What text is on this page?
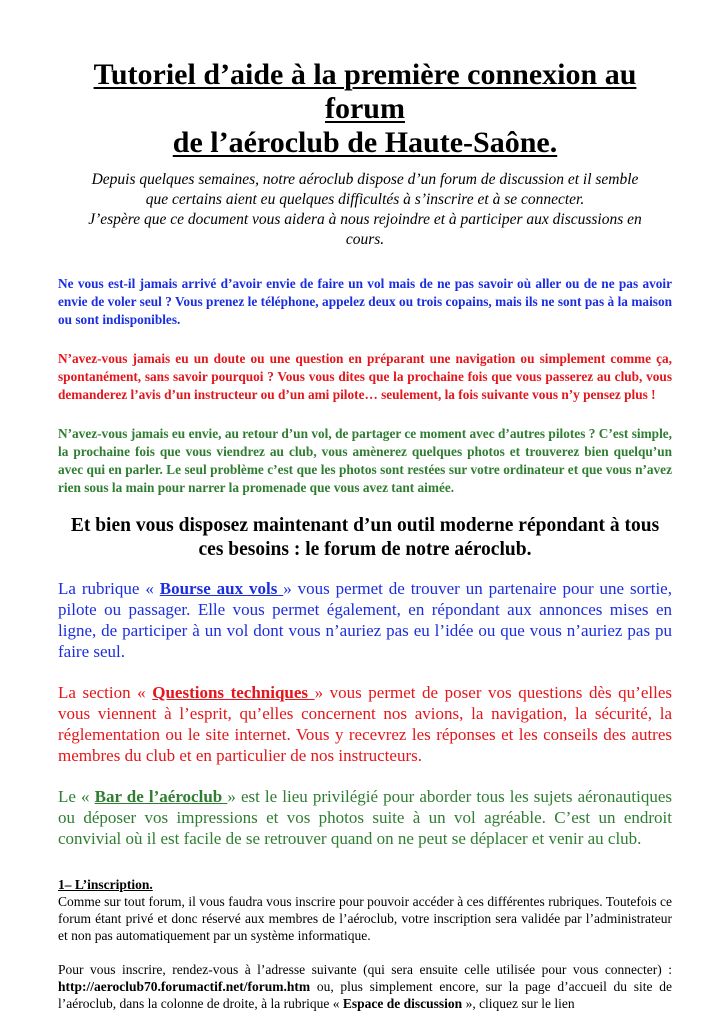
Tutoriel d’aide à la première connexion au forum
de l’aéroclub de Haute-Saône.

Depuis quelques semaines, notre aéroclub dispose d’un forum de discussion et il semble

que certains aient eu quelques difficultés à s’inscrire et à se connecter.

J’espère que ce document vous aidera à nous rejoindre et à participer aux discussions en

cours.

Ne vous est-il jamais arrivé d’avoir envie de faire un vol mais de ne pas savoir où aller ou de ne pas avoir envie de voler seul ? Vous prenez le téléphone, appelez deux ou trois copains, mais ils ne sont pas à la maison ou sont indisponibles.

N’avez-vous jamais eu un doute ou une question en préparant une navigation ou simplement comme ça, spontanément, sans savoir pourquoi ? Vous vous dites que la prochaine fois que vous passerez au club, vous demanderez l’avis d’un instructeur ou d’un ami pilote… seulement, la fois suivante vous n’y pensez plus !

N’avez-vous jamais eu envie, au retour d’un vol, de partager ce moment avec d’autres pilotes ? C’est simple, la prochaine fois que vous viendrez au club, vous amènerez quelques photos et trouverez bien quelqu’un avec qui en parler. Le seul problème c’est que les photos sont restées sur votre ordinateur et que vous n’avez rien sous la main pour narrer la promenade que vous avez tant aimée.

Et bien vous disposez maintenant d’un outil moderne répondant à tous
ces besoins : le forum de notre aéroclub.

La rubrique « Bourse aux vols » vous permet de trouver un partenaire pour une sortie, pilote ou passager. Elle vous permet également, en répondant aux annonces mises en ligne, de participer à un vol dont vous n’auriez pas eu l’idée ou que vous n’auriez pas pu faire seul.

La section « Questions techniques » vous permet de poser vos questions dès qu’elles vous viennent à l’esprit, qu’elles concernent nos avions, la navigation, la sécurité, la réglementation ou le site internet. Vous y recevrez les réponses et les conseils des autres membres du club et en particulier de nos instructeurs.

Le « Bar de l’aéroclub » est le lieu privilégié pour aborder tous les sujets aéronautiques ou déposer vos impressions et vos photos suite à un vol agréable. C’est un endroit convivial où il est facile de se retrouver quand on ne peut se déplacer et venir au club.

1– L’inscription.

Comme sur tout forum, il vous faudra vous inscrire pour pouvoir accéder à ces différentes rubriques. Toutefois ce forum étant privé et donc réservé aux membres de l’aéroclub, votre inscription sera validée par l’administrateur et non pas automatiquement par un système informatique.

Pour vous inscrire, rendez-vous à l’adresse suivante (qui sera ensuite celle utilisée pour vous connecter) : http://aeroclub70.forumactif.net/forum.htm ou, plus simplement encore, sur la page d’accueil du site de l’aéroclub, dans la colonne de droite, à la rubrique « Espace de discussion », cliquez sur le lien
